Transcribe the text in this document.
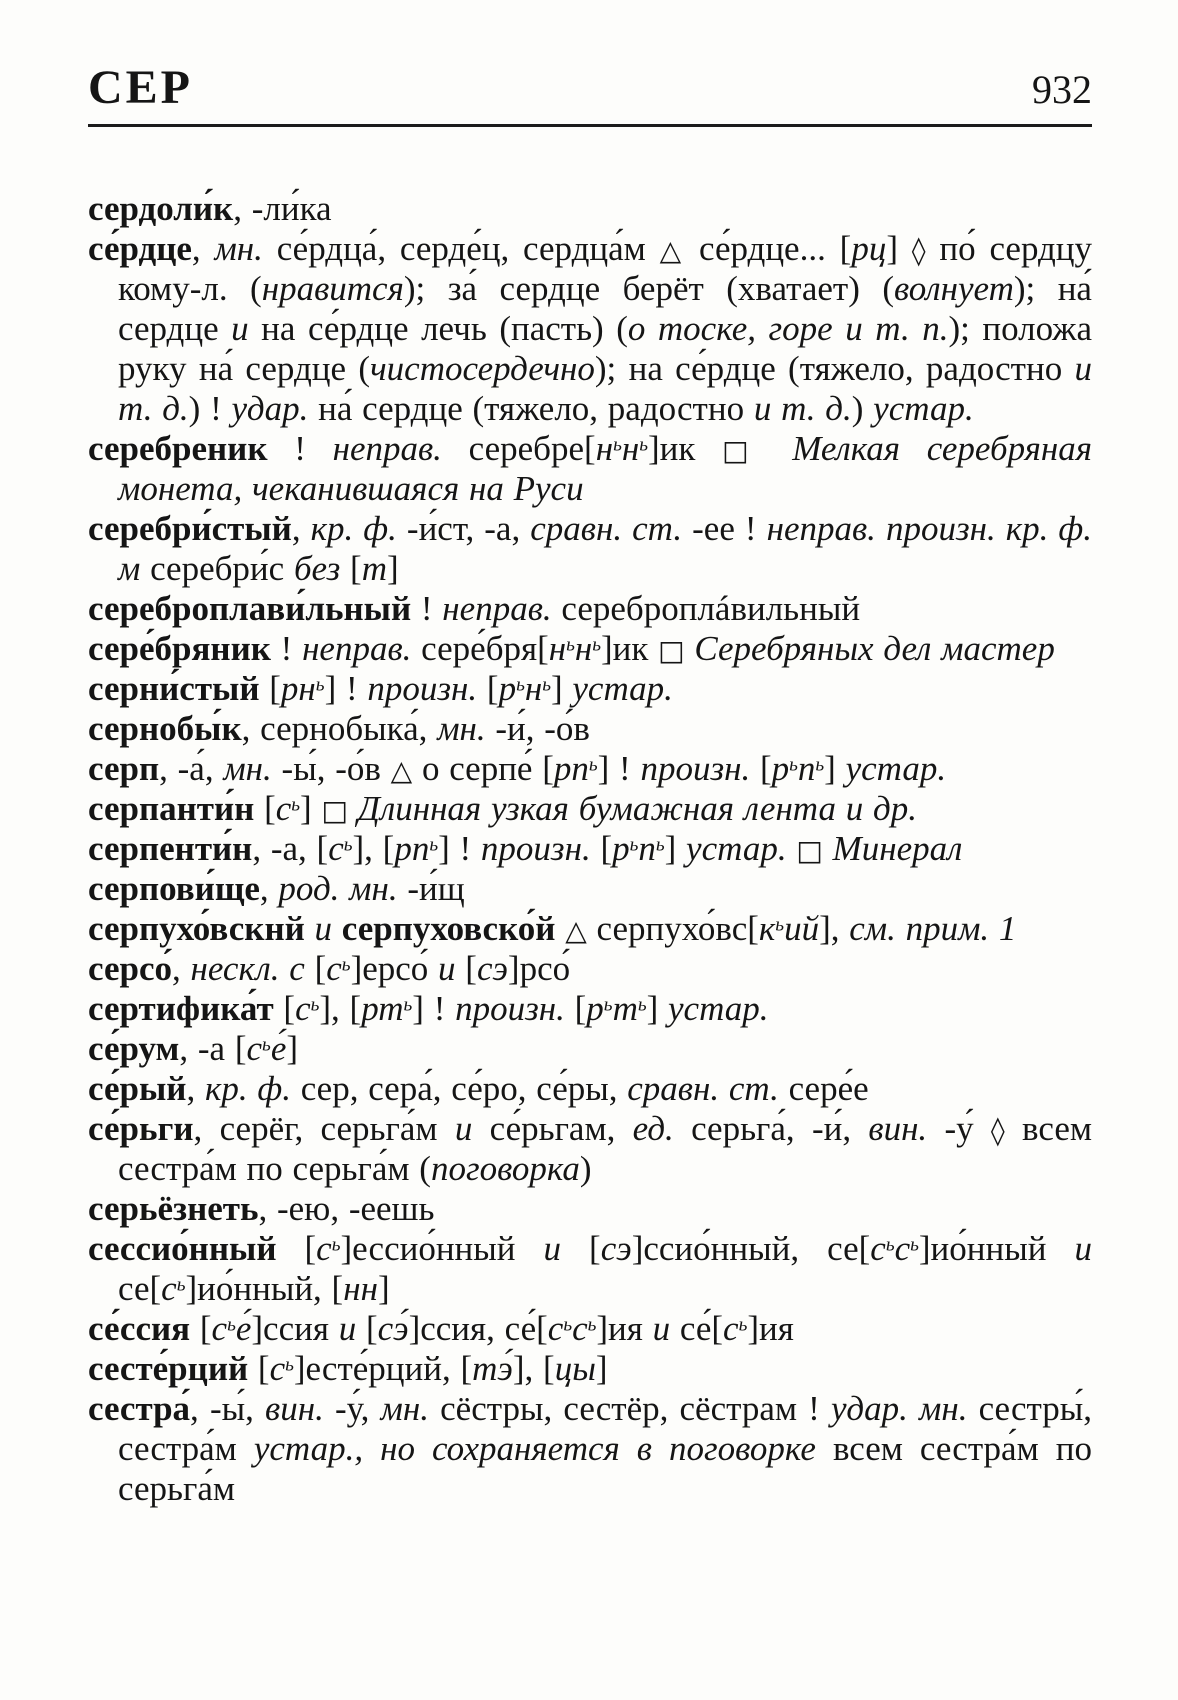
СЕР	932

сердоли́к, -ли́ка

се́рдце, мн. се́рдца́, серде́ц, сердца́м △ се́рдце... [рц] ◊ по́ сердцу кому-л. (нравится); за́ сердце берёт (хватает) (волнует); на́ сердце и на се́рдце лечь (пасть) (о тоске, горе и т. п.); положа руку на́ сердце (чистосердечно); на се́рдце (тяжело, радостно и т. д.) ! удар. на́ сердце (тяжело, радостно и т. д.) устар.

серебреник ! неправ. $серебре[н^ьн^ь]ик$ □ Мелкая серебряная монета, чеканившаяся на Руси

серебри́стый, кр. ф. -и́ст, -а, сравн. ст. -ее ! неправ. произн. кр. ф. м серебри́с без [т]

сереброплави́льный ! неправ. сереброплáвильный

сере́бряник ! неправ. $сере́бря[н^ьн^ь]ик$ □ Серебряных дел мастер

серни́стый $[рн^ь]$ ! произн. $[р^ьн^ь]$ устар.

сернобы́к, сернобыка́, мн. -и́, -о́в

серп, -а́, мн. -ы́, -о́в △ о серпе́ $[рп^ь]$ ! произн. $[р^ьп^ь]$ устар.

серпанти́н $[с^ь]$ □ Длинная узкая бумажная лента и др.

серпенти́н, -а, $[с^ь]$, $[рп^ь]$ ! произн. $[р^ьп^ь]$ устар. □ Минерал

серпови́ще, род. мн. -и́щ

серпухо́вскнй и серпуховско́й △ $серпухо́вс[к^ьий]$, см. прим. 1

серсо́, нескл. с $[с^ь]ерсо́$ и [сэ]рсо́

сертифика́т $[с^ь]$, $[рт^ь]$ ! произн. $[р^ьт^ь]$ устар.

се́рум, -а $[с^ье́]$

се́рый, кр. ф. сер, сера́, се́ро, се́ры, сравн. ст. сере́е

се́рьги, серёг, серьга́м и се́рьгам, ед. серьга́, -и́, вин. -у́ ◊ всем сестра́м по серьга́м (поговорка)

серьёзнеть, -ею, -еешь

сессио́нный $[с^ь]ессио́нный$ и [сэ]ссио́нный, $се[с^ьс^ь]ио́нный$ и $се[с^ь]ио́нный$, [нн]

се́ссия $[с^ье́]ссия$ и [сэ́]ссия, $се́[с^ьс^ь]ия$ и $се́[с^ь]ия$

сесте́рций $[с^ь]есте́рций$, [тэ́], [цы]

сестра́, -ы́, вин. -у́, мн. сёстры, сестёр, сёстрам ! удар. мн. сестры́, сестра́м устар., но сохраняется в поговорке всем сестра́м по серьга́м
